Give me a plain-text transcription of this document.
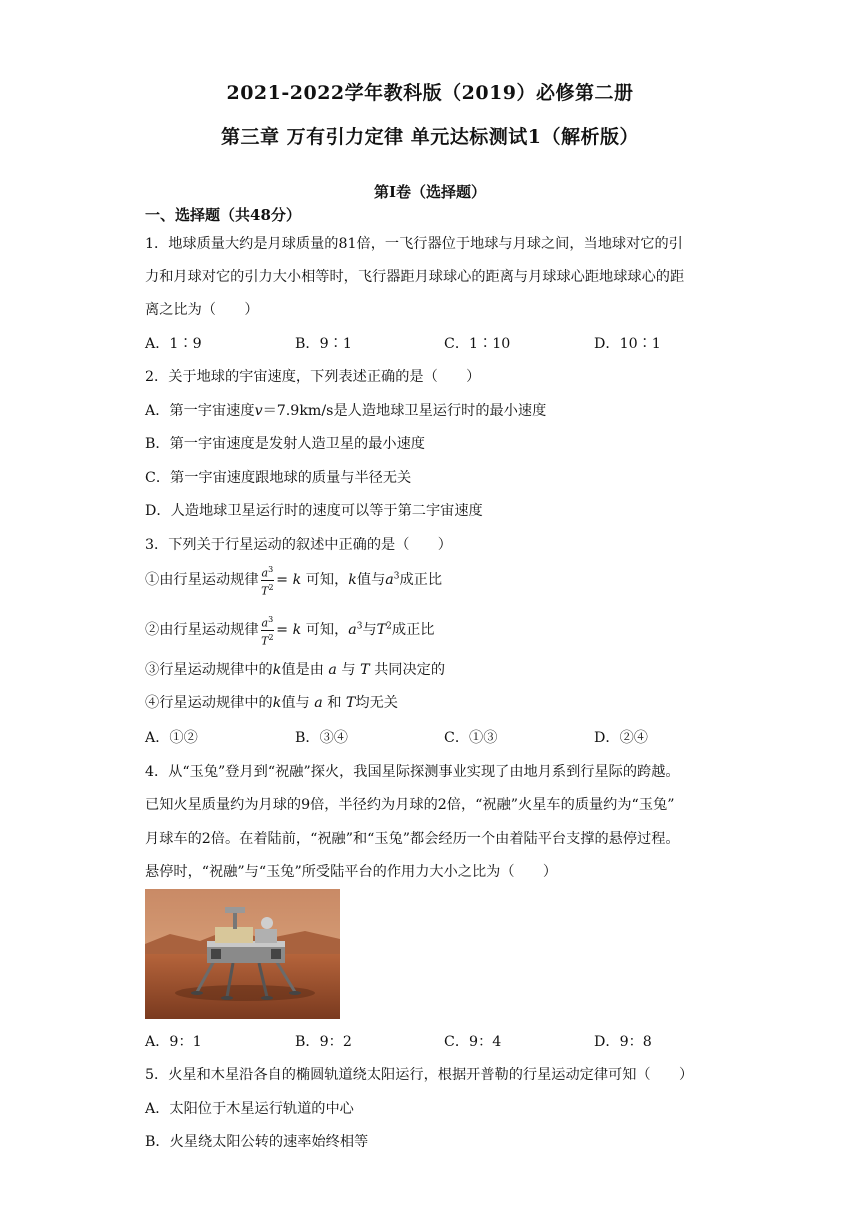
2021-2022学年教科版（2019）必修第二册
第三章 万有引力定律 单元达标测试1（解析版）
第Ⅰ卷（选择题）
一、选择题（共48分）
1．地球质量大约是月球质量的81倍，一飞行器位于地球与月球之间，当地球对它的引
力和月球对它的引力大小相等时，飞行器距月球球心的距离与月球球心距地球球心的距
离之比为（　　）
A．1∶9	B．9∶1	C．1∶10	D．10∶1
2．关于地球的宇宙速度，下列表述正确的是（　　）
A．第一宇宙速度v＝7.9km/s是人造地球卫星运行时的最小速度
B．第一宇宙速度是发射人造卫星的最小速度
C．第一宇宙速度跟地球的质量与半径无关
D．人造地球卫星运行时的速度可以等于第二宇宙速度
3．下列关于行星运动的叙述中正确的是（　　）
①由行星运动规律 $\frac{a^3}{T^2} = k$ 可知，k值与$a^3$成正比
②由行星运动规律 $\frac{a^3}{T^2} = k$ 可知，$a^3$与$T^2$成正比
③行星运动规律中的k值是由 a 与 T 共同决定的
④行星运动规律中的k值与 a 和 T均无关
A．①②	B．③④	C．①③	D．②④
4．从“玉兔”登月到“祝融”探火，我国星际探测事业实现了由地月系到行星际的跨越。
已知火星质量约为月球的9倍，半径约为月球的2倍，“祝融”火星车的质量约为“玉兔”
月球车的2倍。在着陆前，“祝融”和“玉兔”都会经历一个由着陆平台支撑的悬停过程。
悬停时，“祝融”与“玉兔”所受陆平台的作用力大小之比为（　　）
A．9：1	B．9：2	C．9：4	D．9：8
5．火星和木星沿各自的椭圆轨道绕太阳运行，根据开普勒的行星运动定律可知（　　）
A．太阳位于木星运行轨道的中心
B．火星绕太阳公转的速率始终相等
